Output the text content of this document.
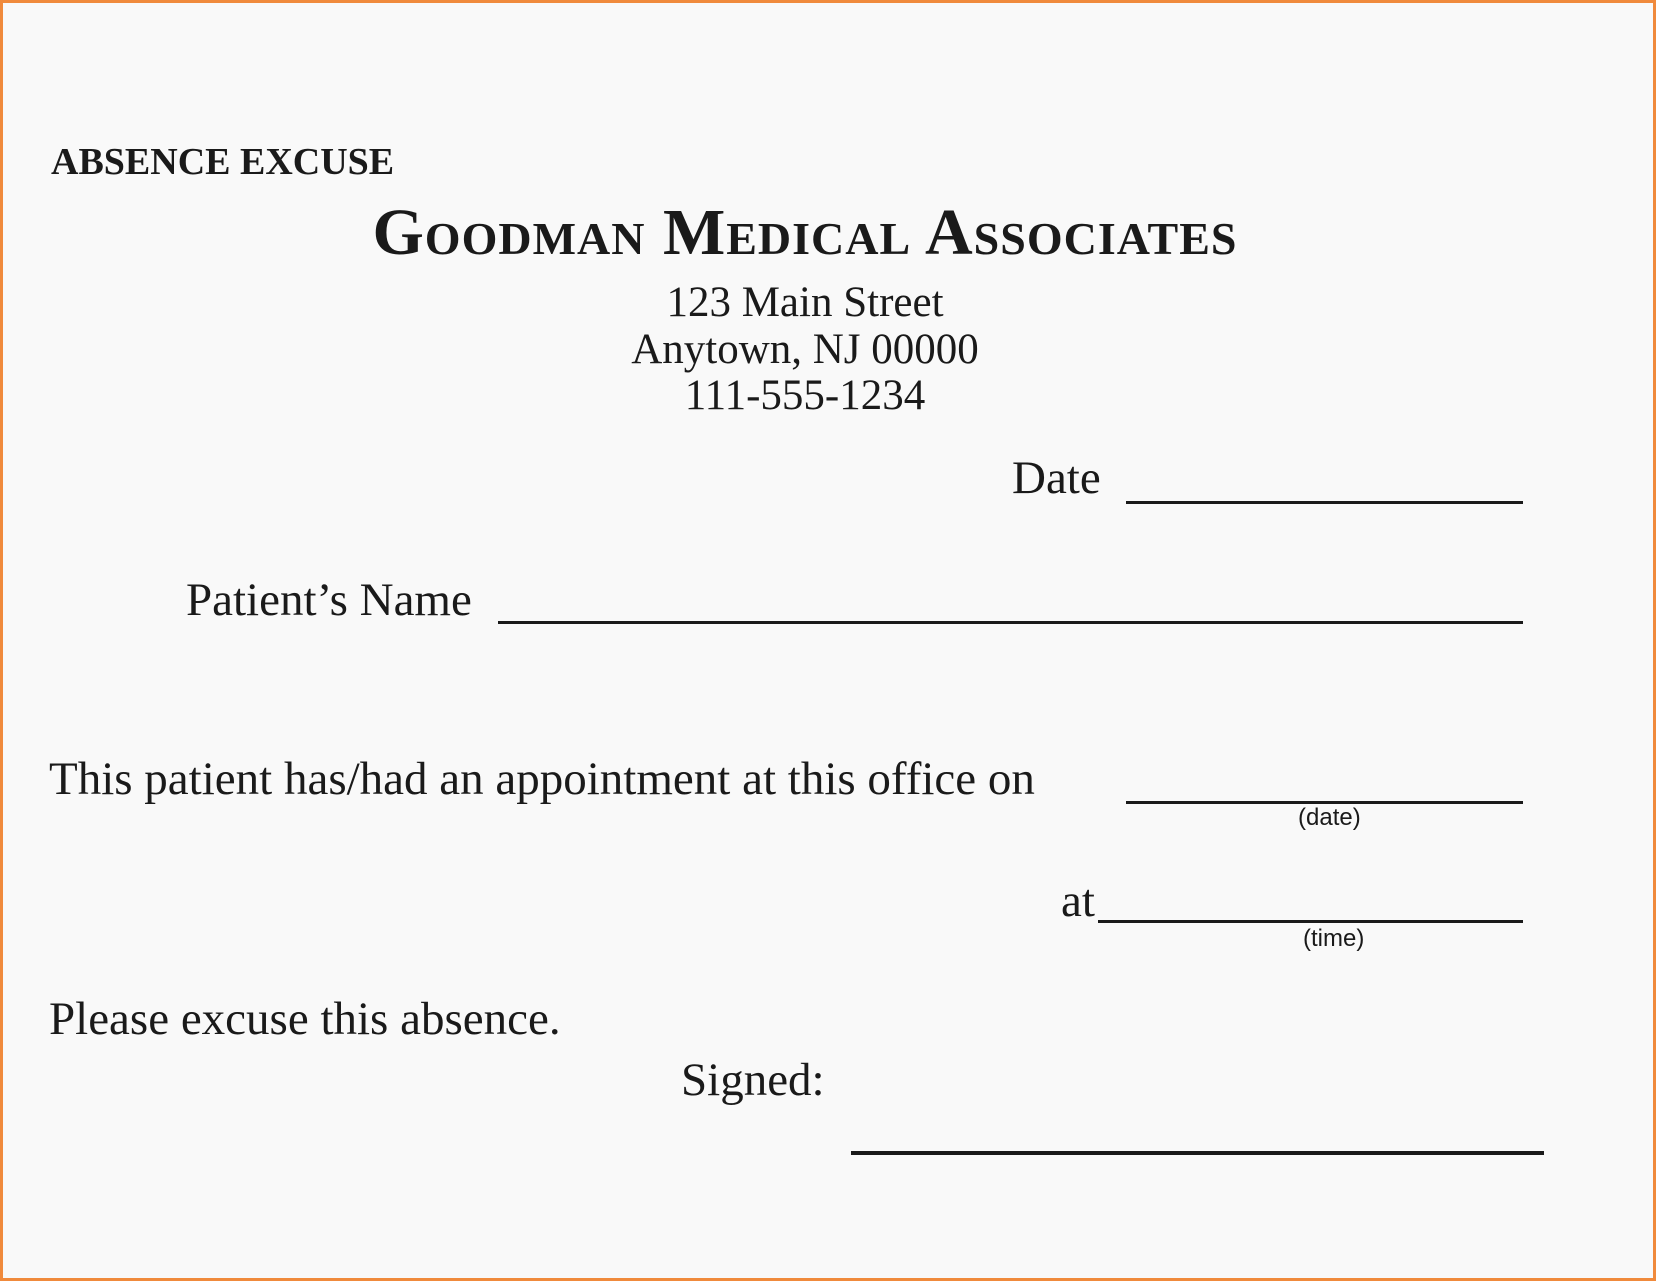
ABSENCE EXCUSE
Goodman Medical Associates
123 Main Street
Anytown, NJ 00000
111-555-1234
Date
Patient’s Name
This patient has/had an appointment at this office on
(date)
at
(time)
Please excuse this absence.
Signed:
